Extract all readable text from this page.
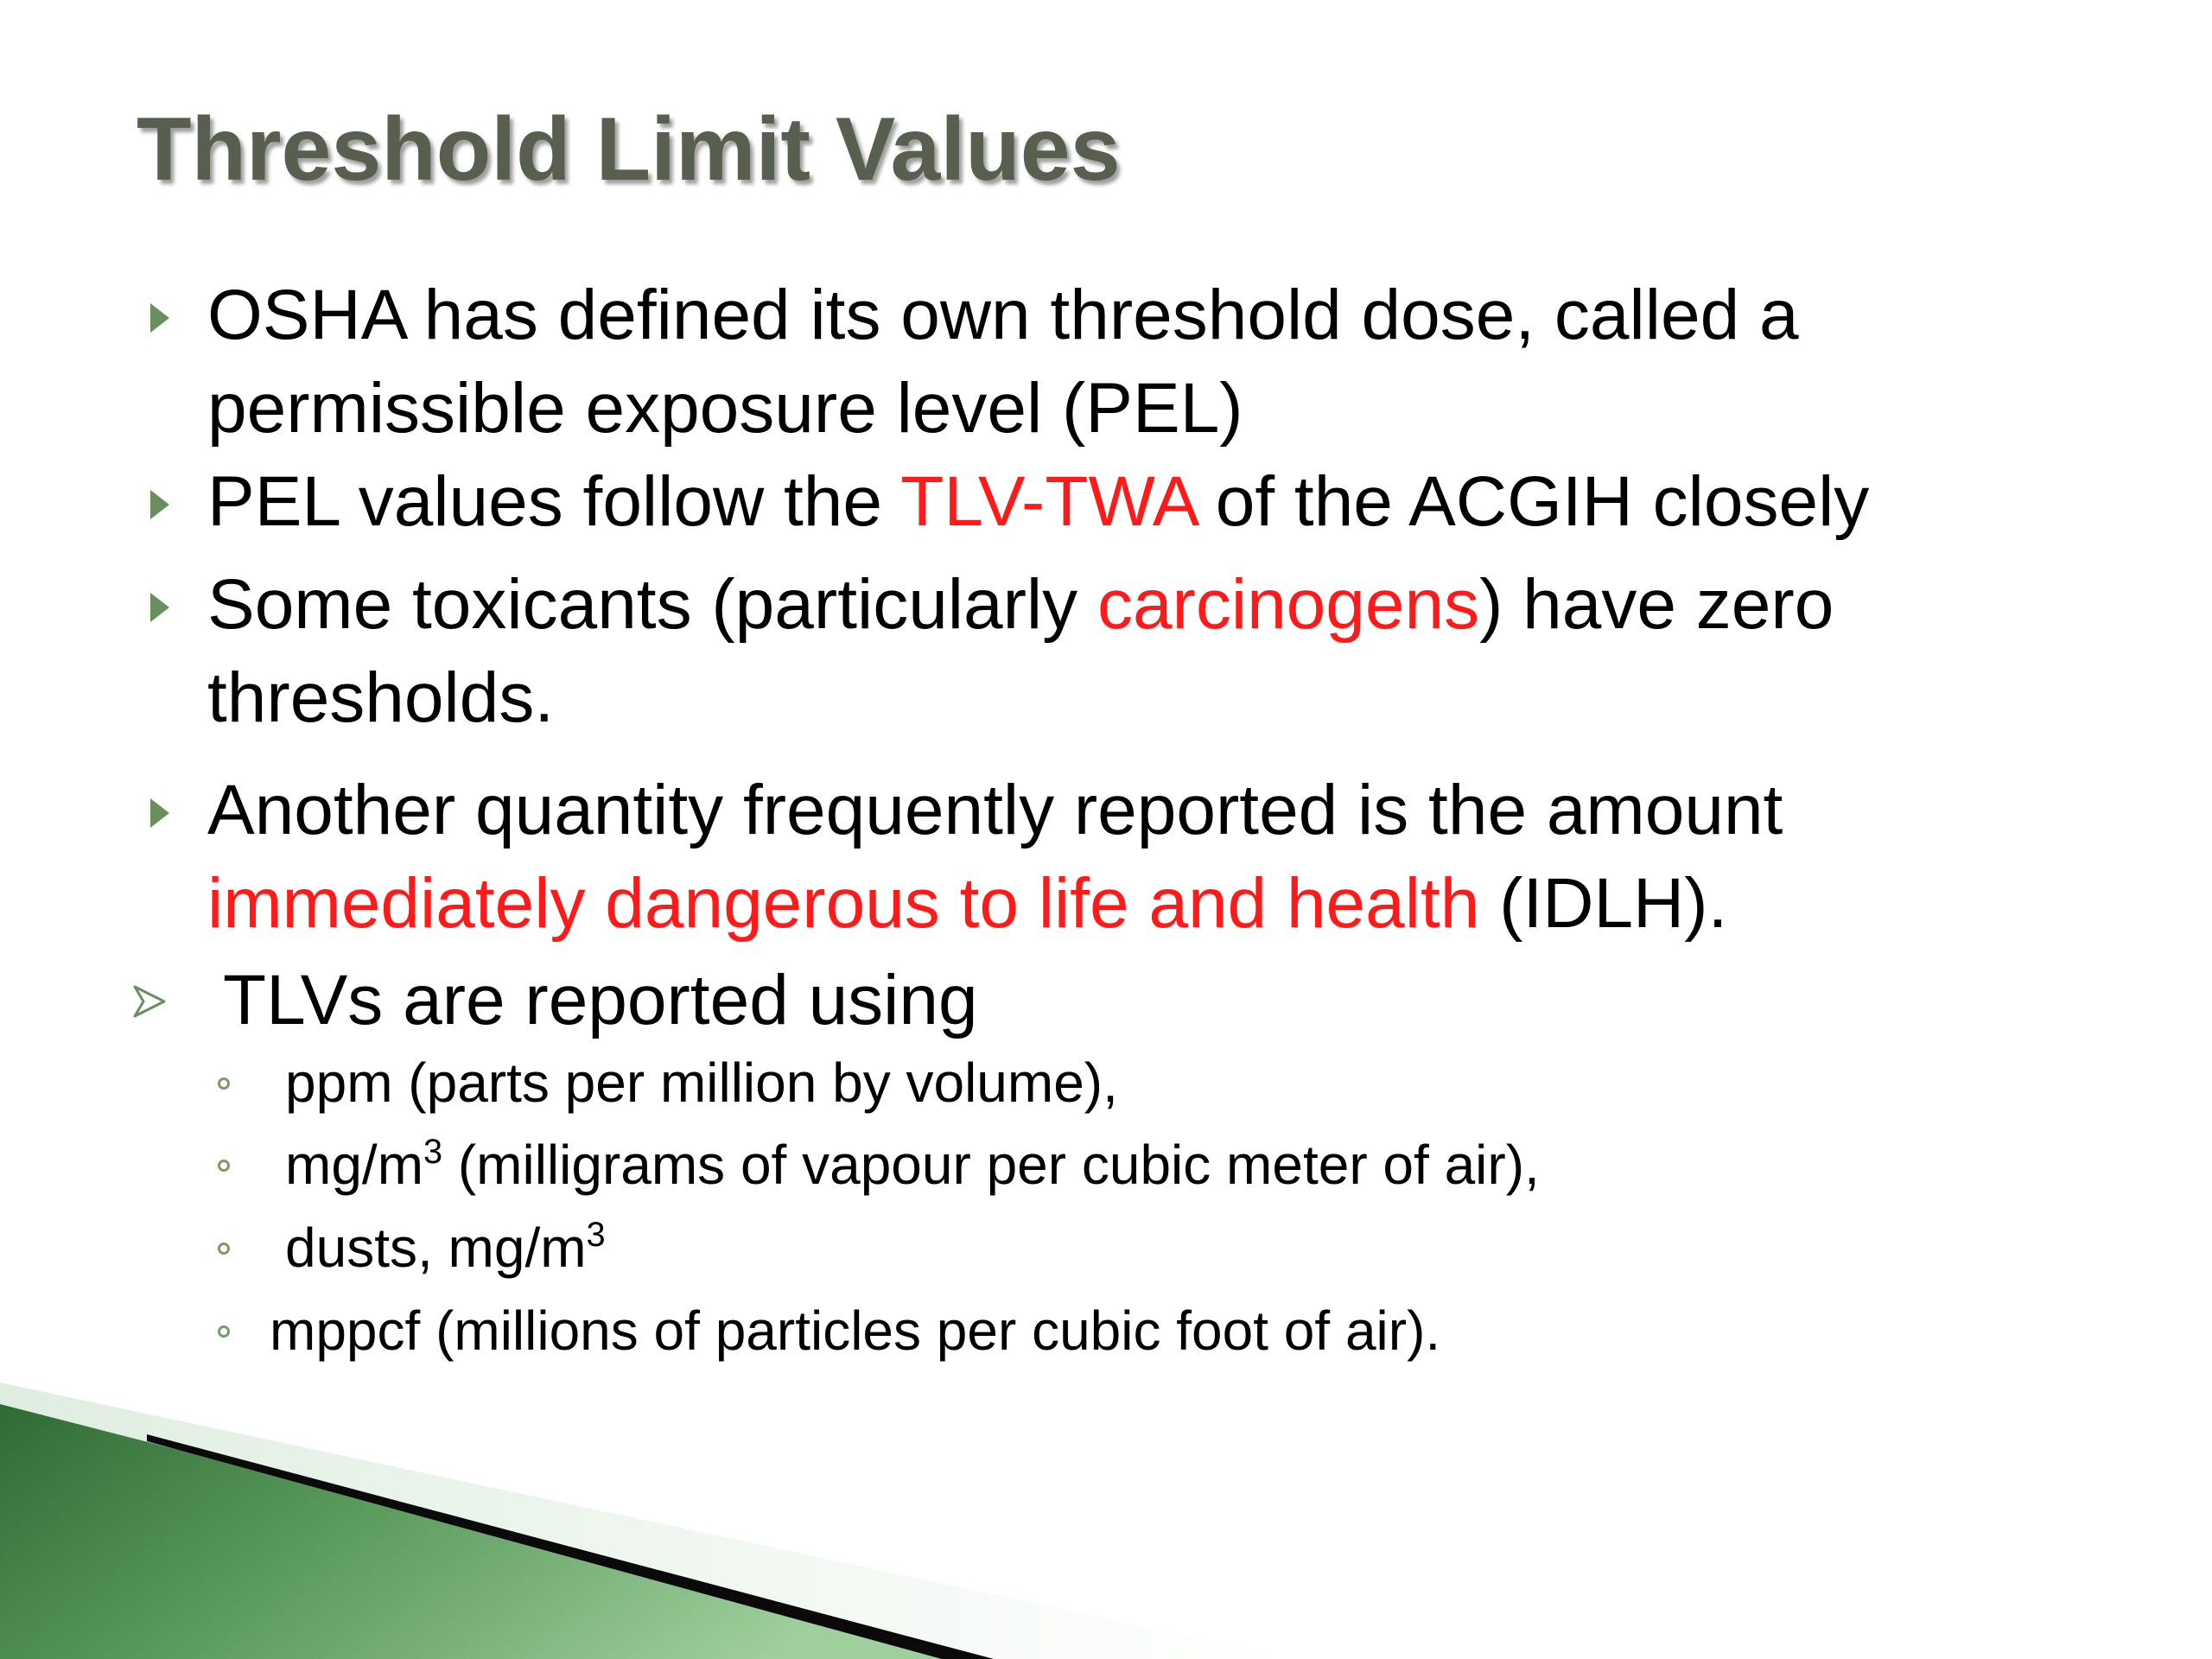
Threshold Limit Values
OSHA has defined its own threshold dose, called a permissible exposure level (PEL)
PEL values follow the TLV-TWA of the ACGIH closely
Some toxicants (particularly carcinogens) have zero thresholds.
Another quantity frequently reported is the amount immediately dangerous to life and health (IDLH).
TLVs are reported using
ppm (parts per million by volume),
$mg/m^3$ (milligrams of vapour per cubic meter of air),
dusts, $mg/m^3$
mppcf (millions of particles per cubic foot of air).
